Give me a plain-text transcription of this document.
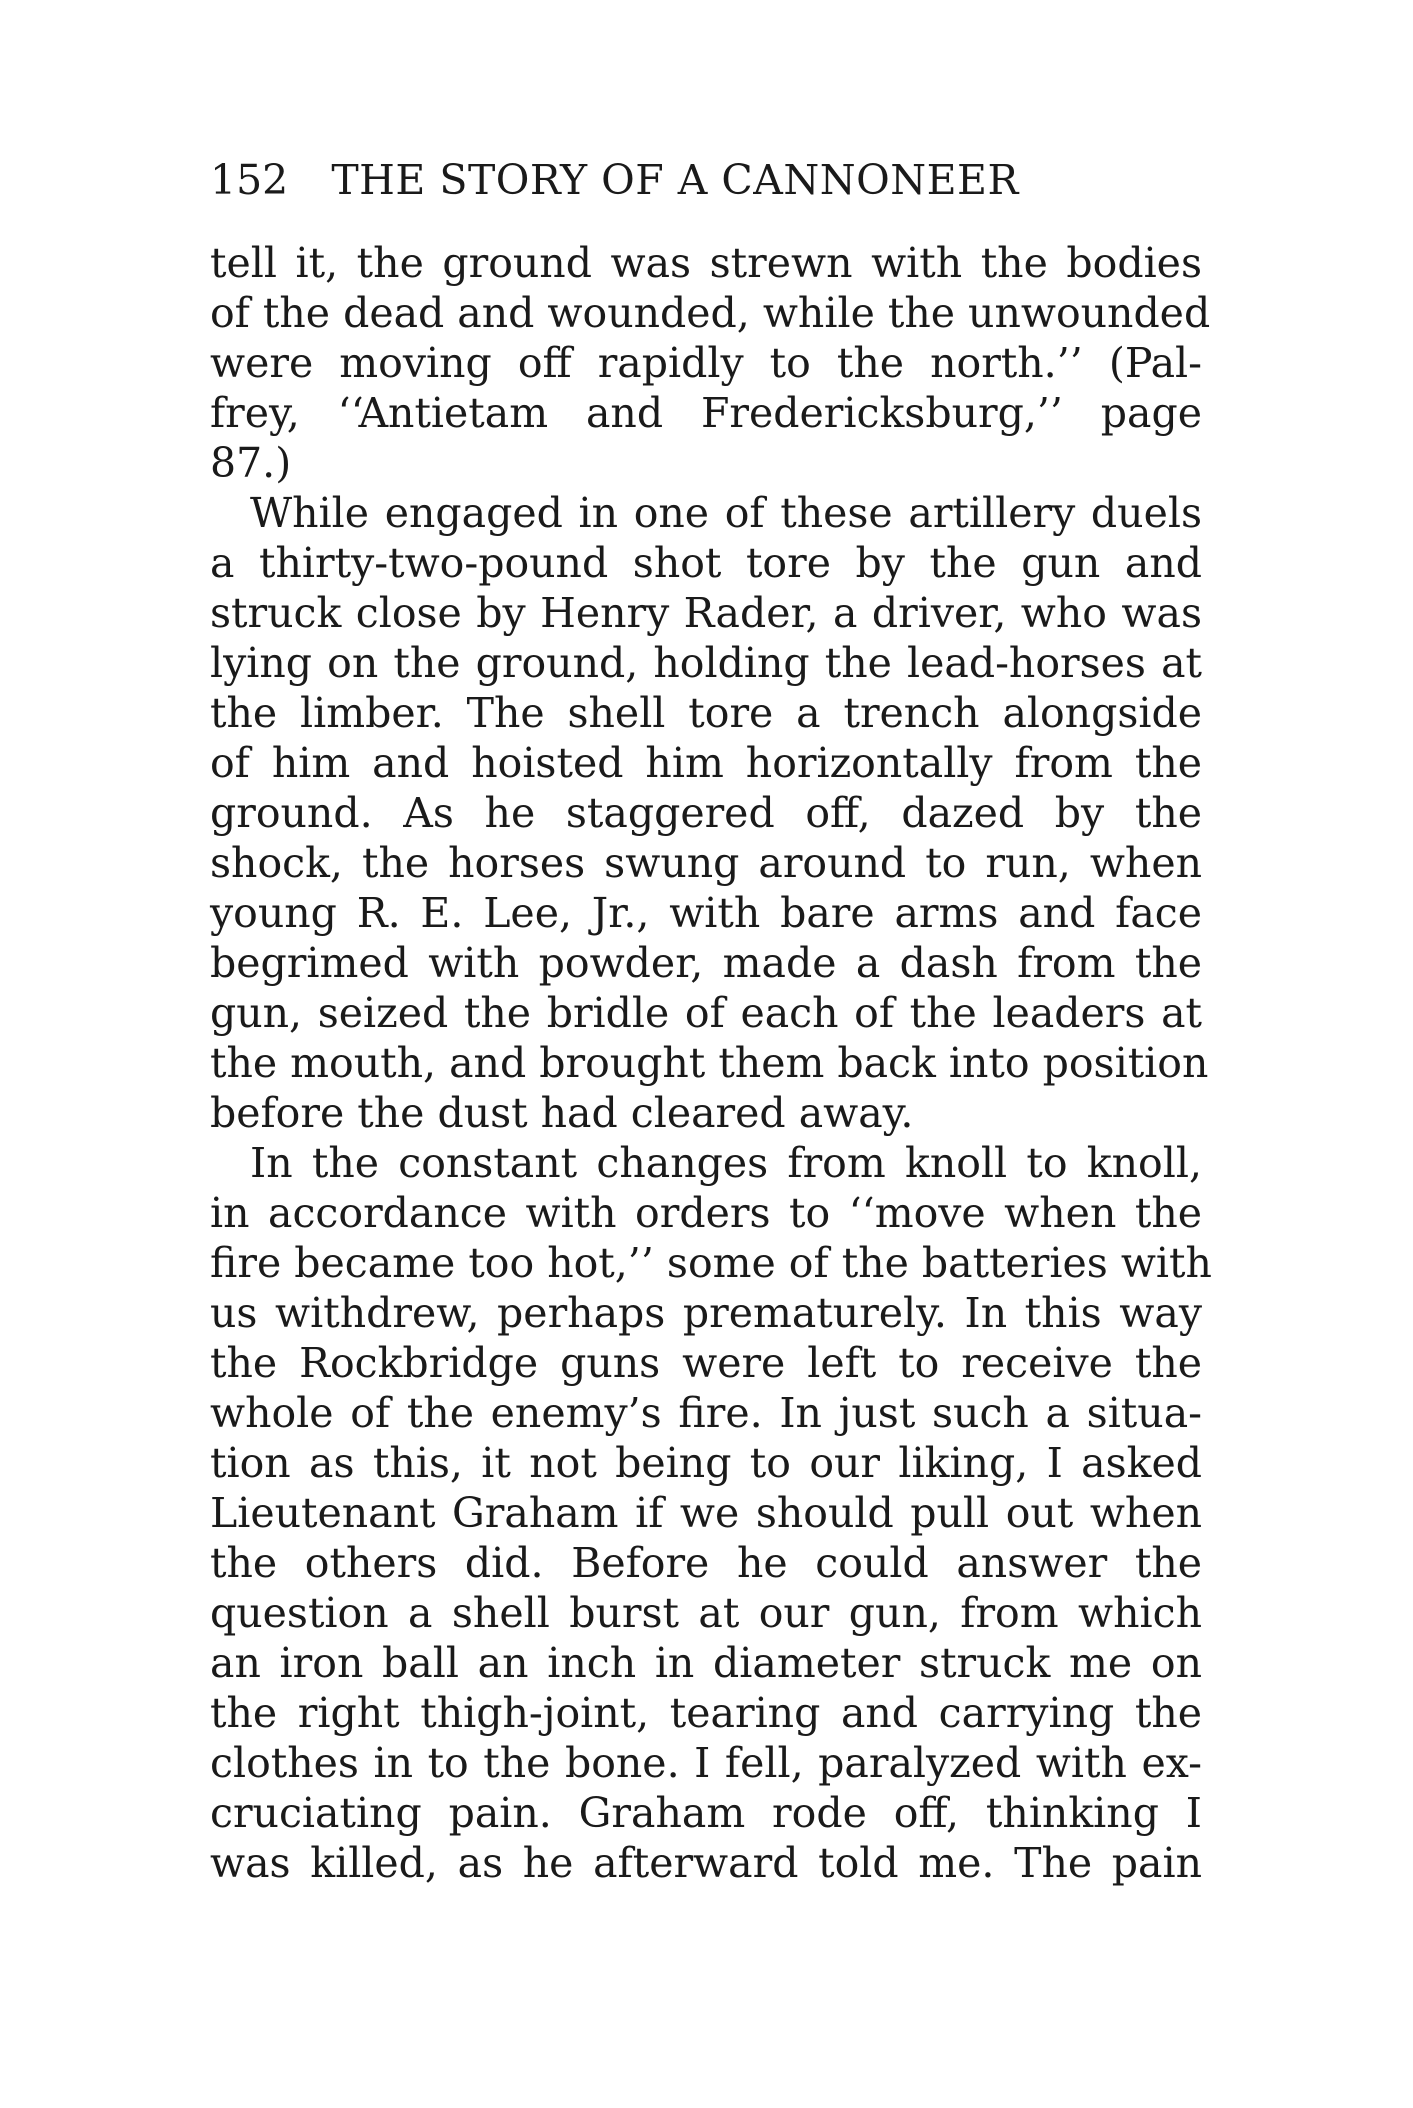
152 THE STORY OF A CANNONEER
tell it, the ground was strewn with the bodies
of the dead and wounded, while the unwounded
were moving off rapidly to the north.’’ (Pal-
frey, ‘‘Antietam and Fredericksburg,’’ page
87.)
While engaged in one of these artillery duels
a thirty-two-pound shot tore by the gun and
struck close by Henry Rader, a driver, who was
lying on the ground, holding the lead-horses at
the limber. The shell tore a trench alongside
of him and hoisted him horizontally from the
ground. As he staggered off, dazed by the
shock, the horses swung around to run, when
young R. E. Lee, Jr., with bare arms and face
begrimed with powder, made a dash from the
gun, seized the bridle of each of the leaders at
the mouth, and brought them back into position
before the dust had cleared away.
In the constant changes from knoll to knoll,
in accordance with orders to ‘‘move when the
fire became too hot,’’ some of the batteries with
us withdrew, perhaps prematurely. In this way
the Rockbridge guns were left to receive the
whole of the enemy’s fire. In just such a situa-
tion as this, it not being to our liking, I asked
Lieutenant Graham if we should pull out when
the others did. Before he could answer the
question a shell burst at our gun, from which
an iron ball an inch in diameter struck me on
the right thigh-joint, tearing and carrying the
clothes in to the bone. I fell, paralyzed with ex-
cruciating pain. Graham rode off, thinking I
was killed, as he afterward told me. The pain
